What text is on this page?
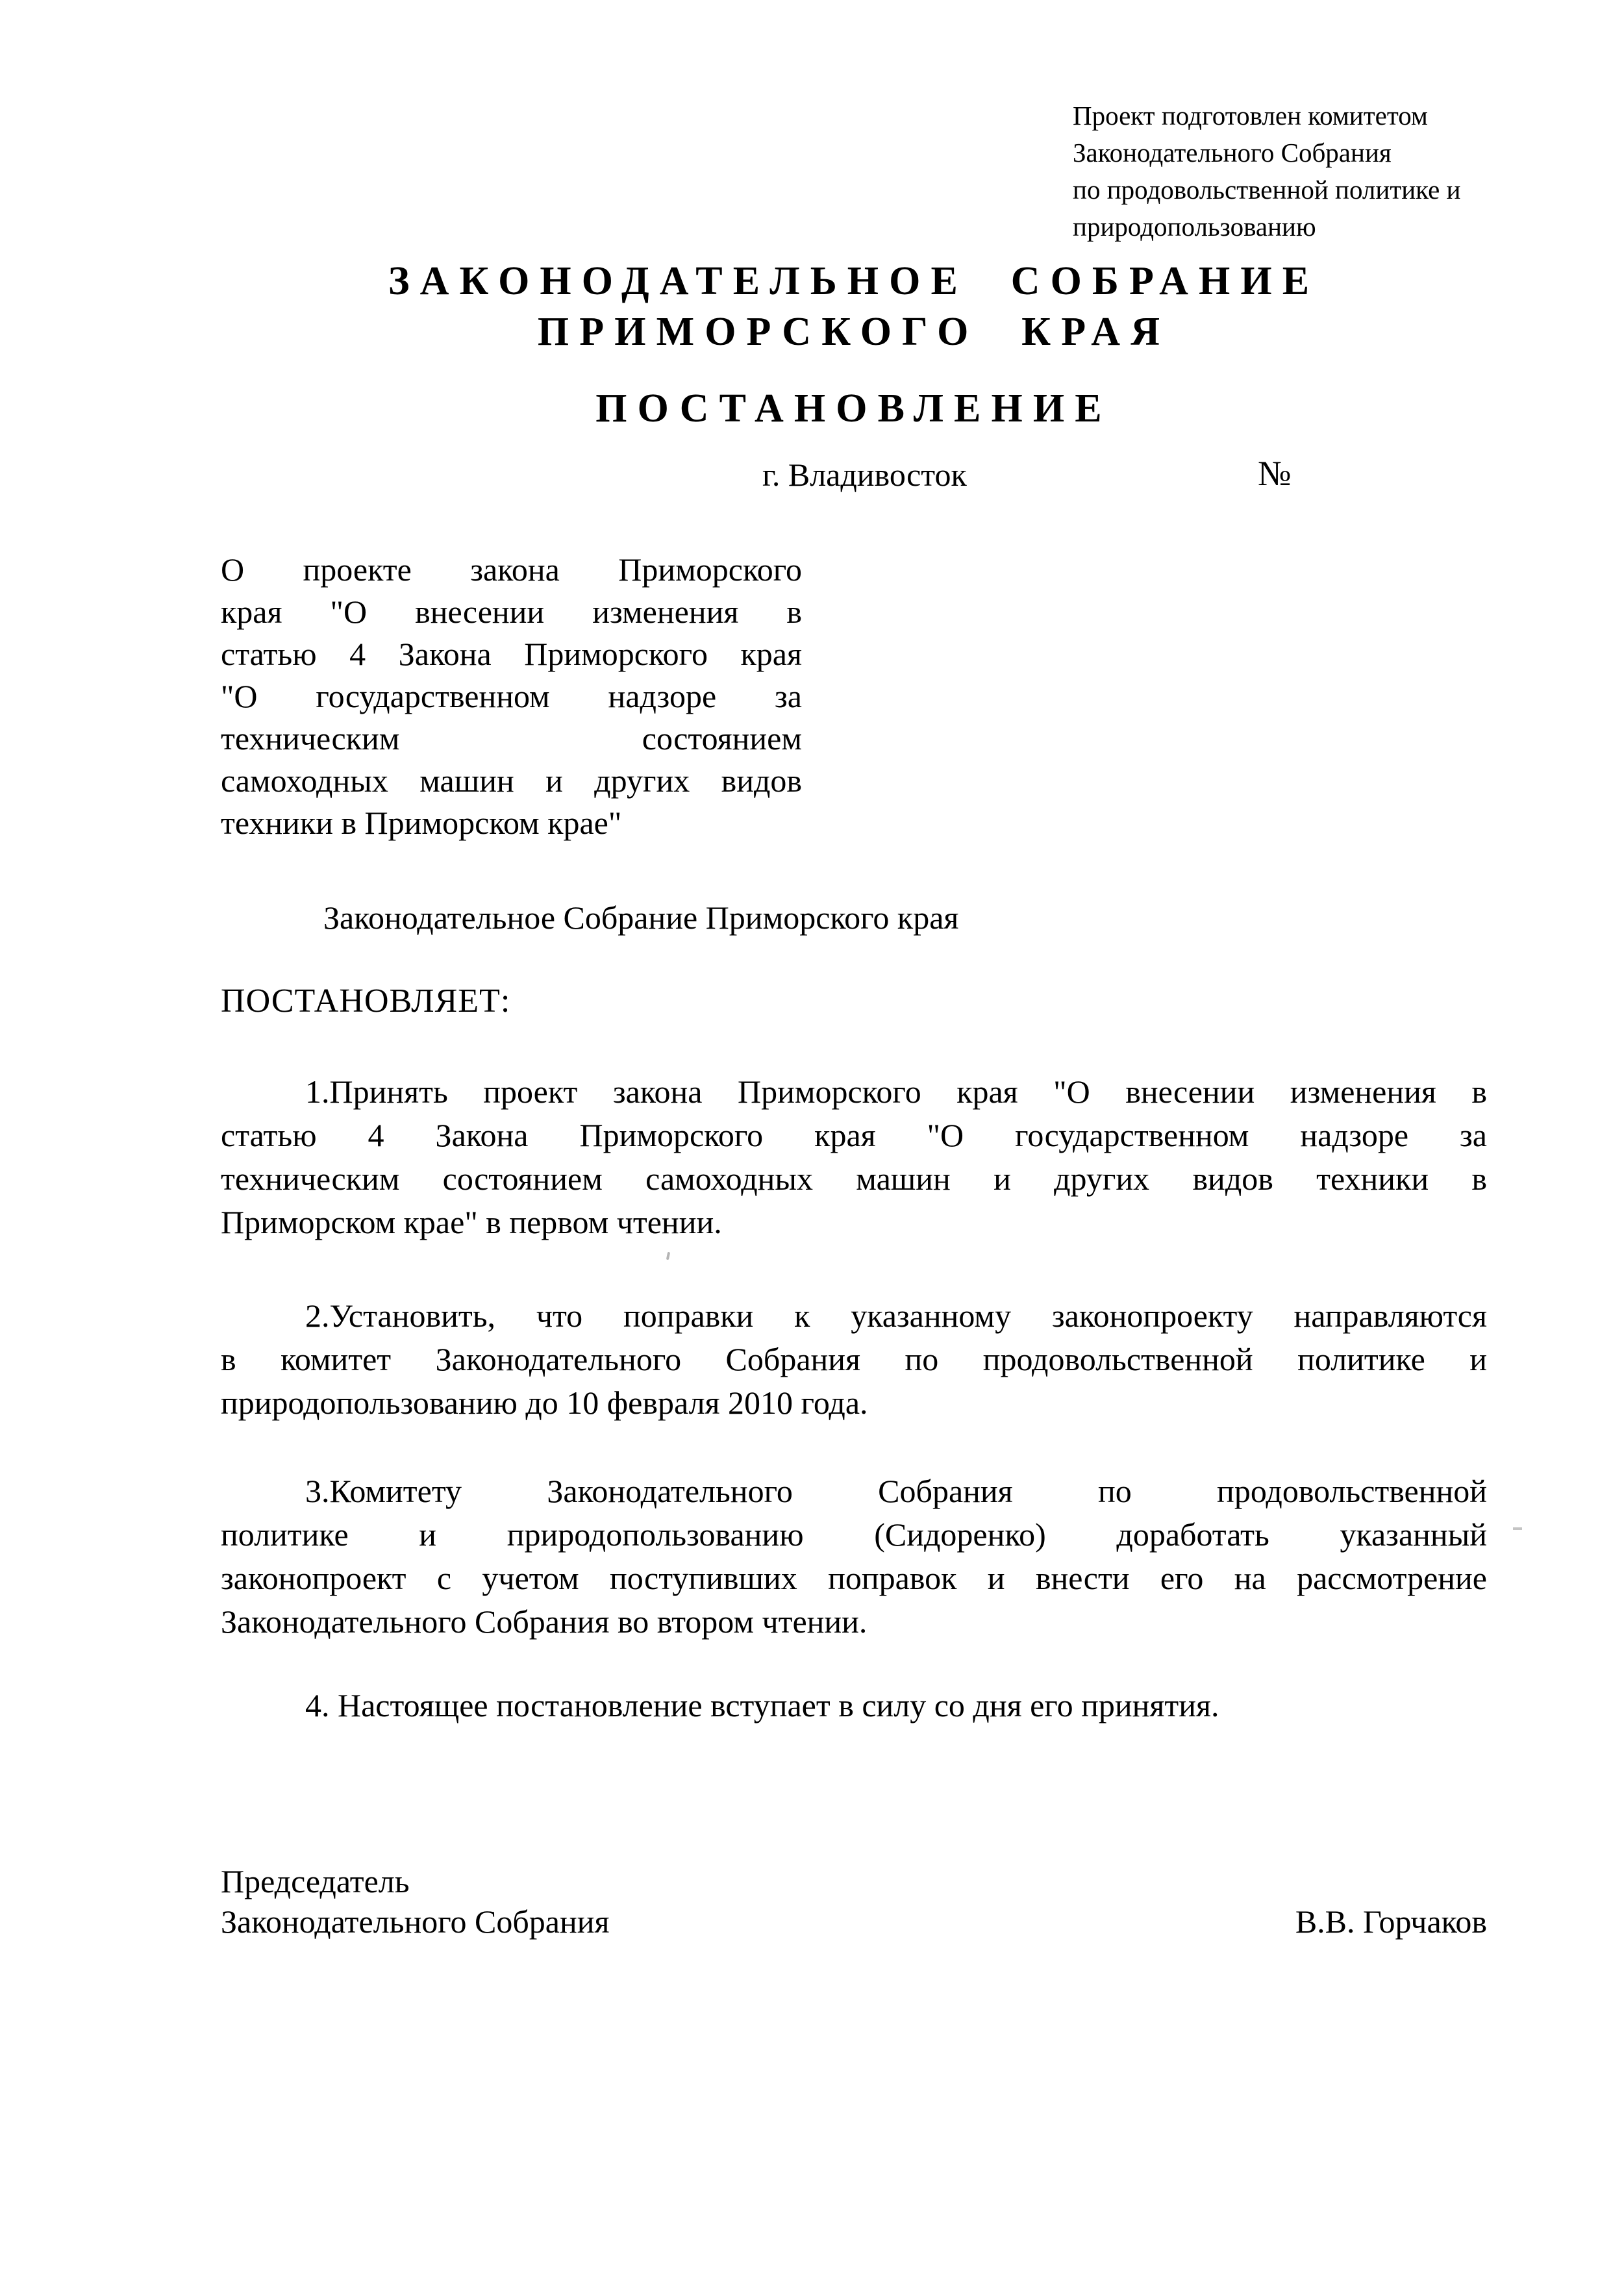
Проект подготовлен комитетом
Законодательного Собрания
по продовольственной политике и
природопользованию
ЗАКОНОДАТЕЛЬНОЕ СОБРАНИЕ
ПРИМОРСКОГО КРАЯ
ПОСТАНОВЛЕНИЕ
г. Владивосток	№
О проекте закона Приморского
края "О внесении изменения в
статью 4 Закона Приморского края
"О государственном надзоре за
техническим состоянием
самоходных машин и других видов
техники в Приморском крае"
Законодательное Собрание Приморского края
ПОСТАНОВЛЯЕТ:
1.Принять проект закона Приморского края "О внесении изменения в
статью 4 Закона Приморского края "О государственном надзоре за
техническим состоянием самоходных машин и других видов техники в
Приморском крае" в первом чтении.
2.Установить, что поправки к указанному законопроекту направляются
в комитет Законодательного Собрания по продовольственной политике и
природопользованию до 10 февраля 2010 года.
3.Комитету Законодательного Собрания по продовольственной
политике и природопользованию (Сидоренко) доработать указанный
законопроект с учетом поступивших поправок и внести его на рассмотрение
Законодательного Собрания во втором чтении.
4. Настоящее постановление вступает в силу со дня его принятия.
Председатель
Законодательного Собрания	В.В. Горчаков
